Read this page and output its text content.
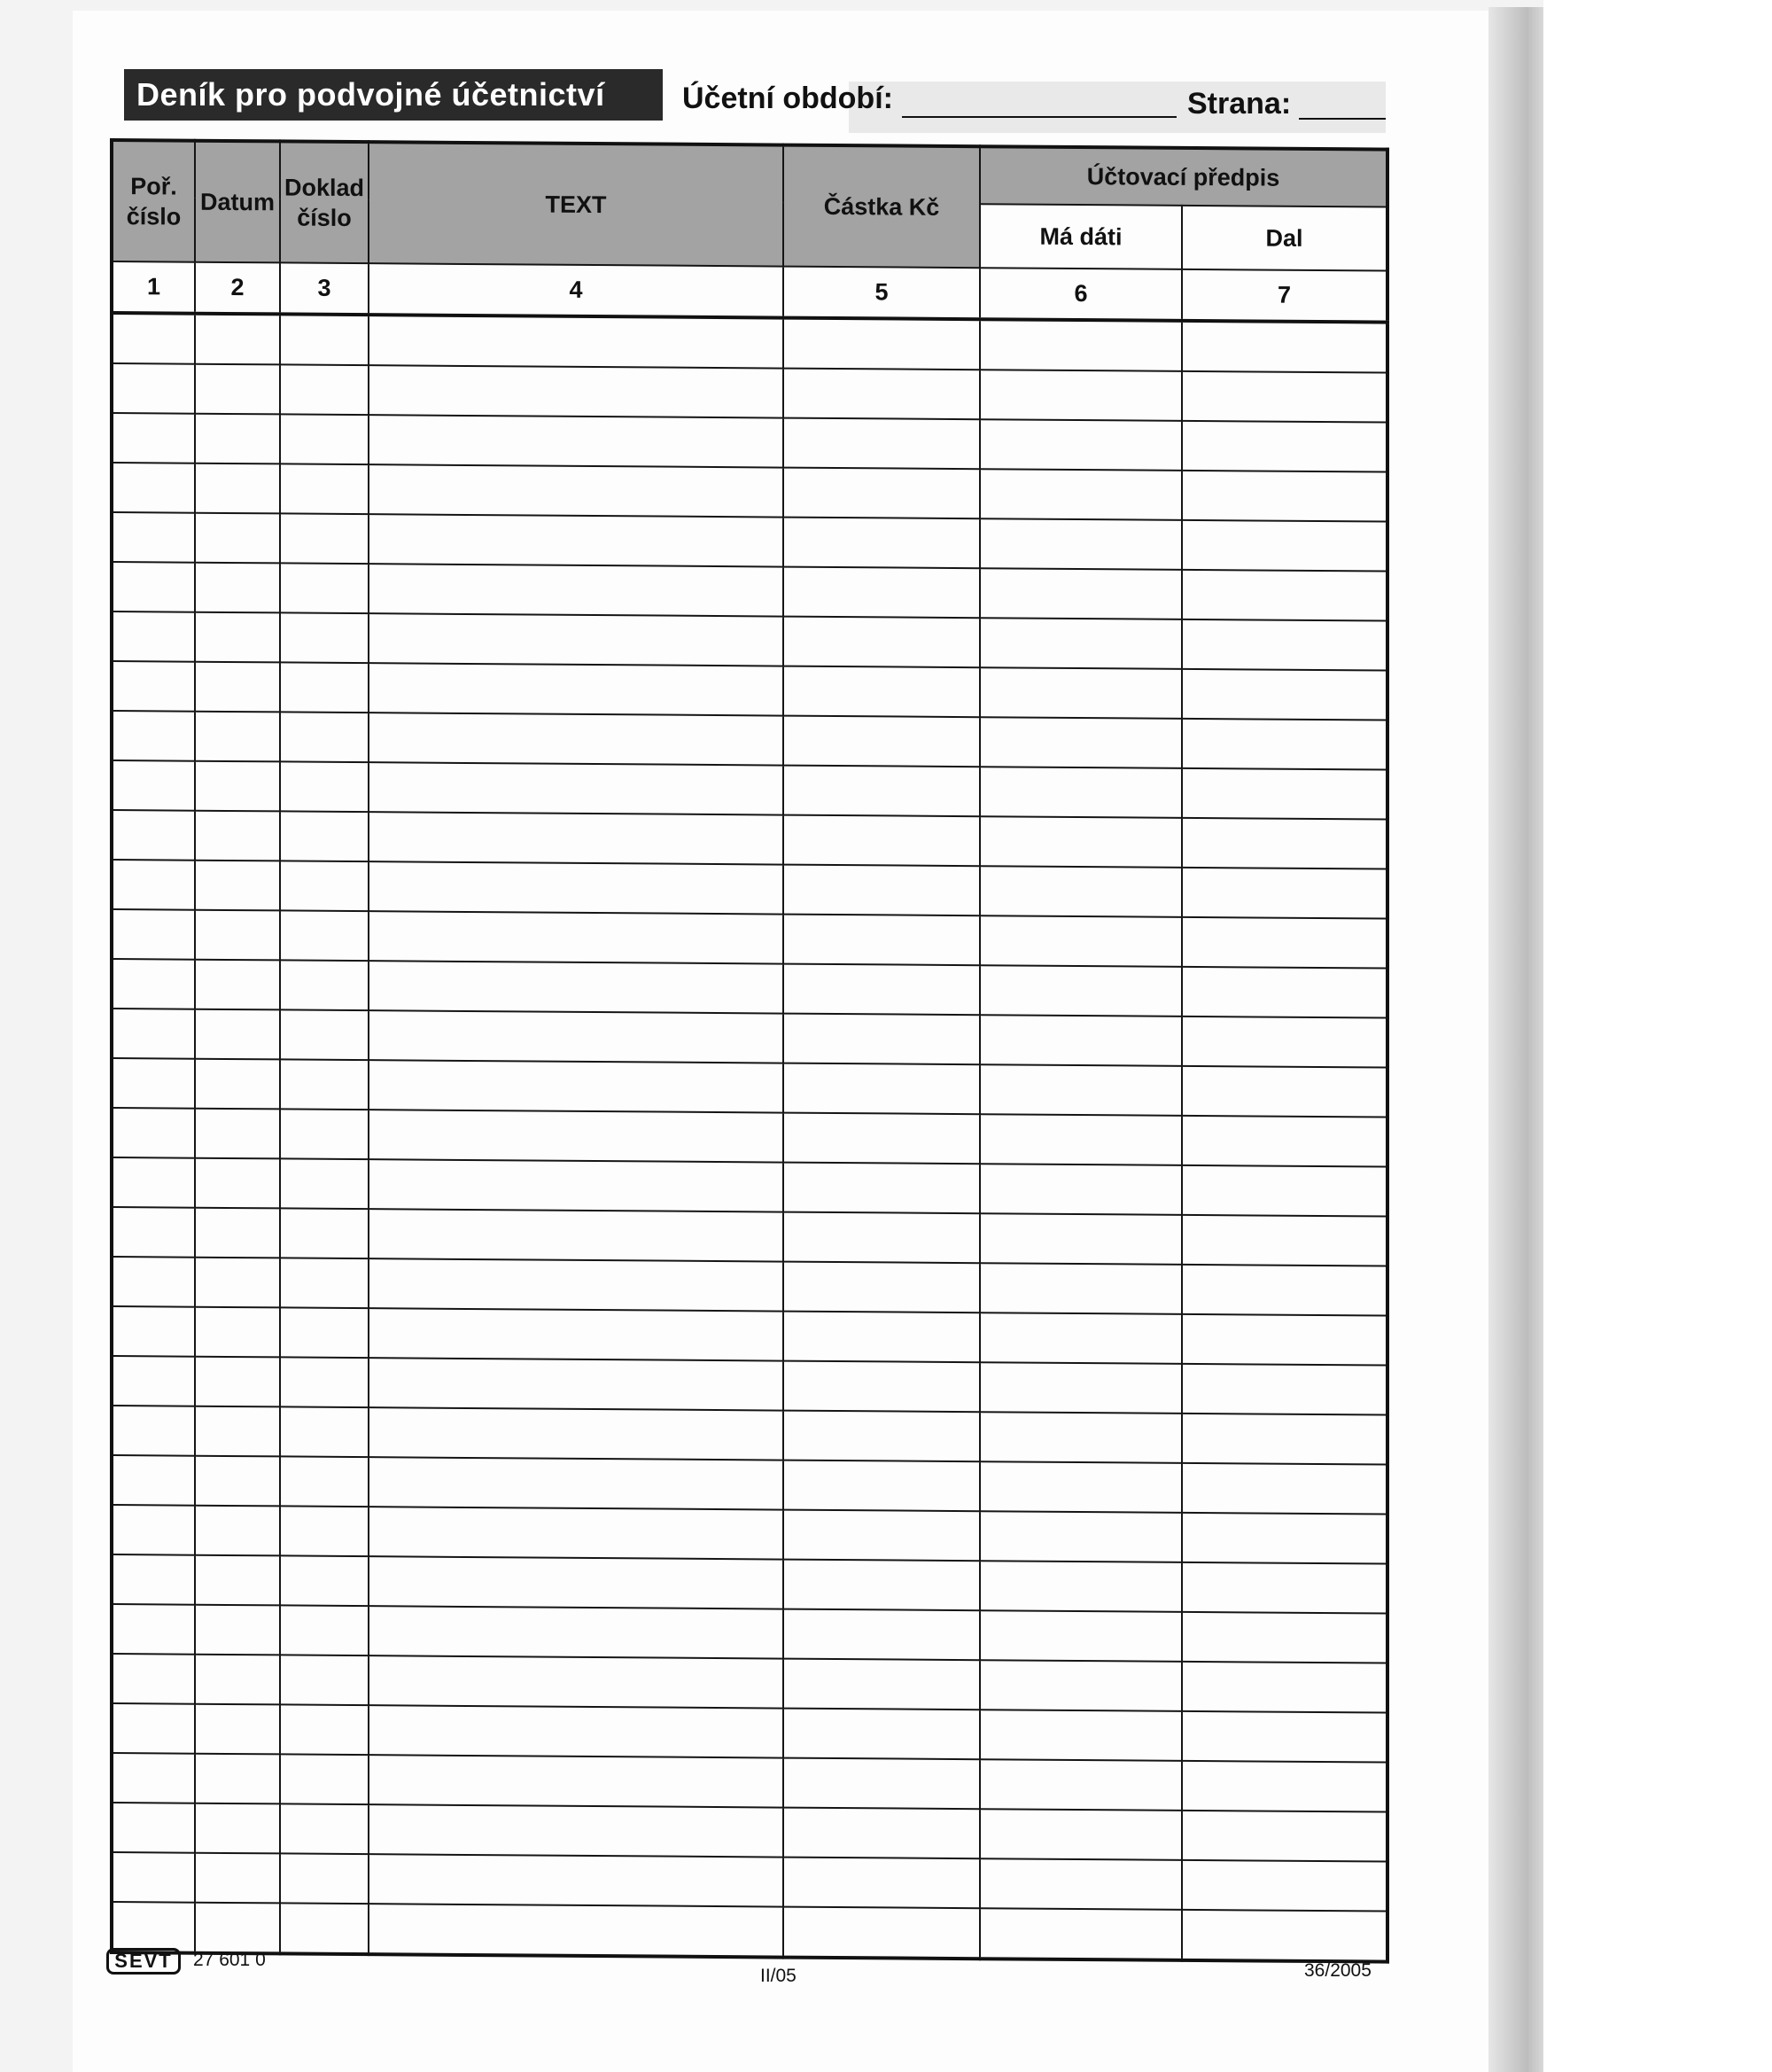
Deník pro podvojné účetnictví	Účetní období:	Strana:
Poř. číslo	Datum	Doklad číslo	TEXT	Částka Kč	Účtovací předpis	
					Má dáti	Dal
1	2	3	4	5	6	7

SEVT	27 601 0
II/05	36/2005
